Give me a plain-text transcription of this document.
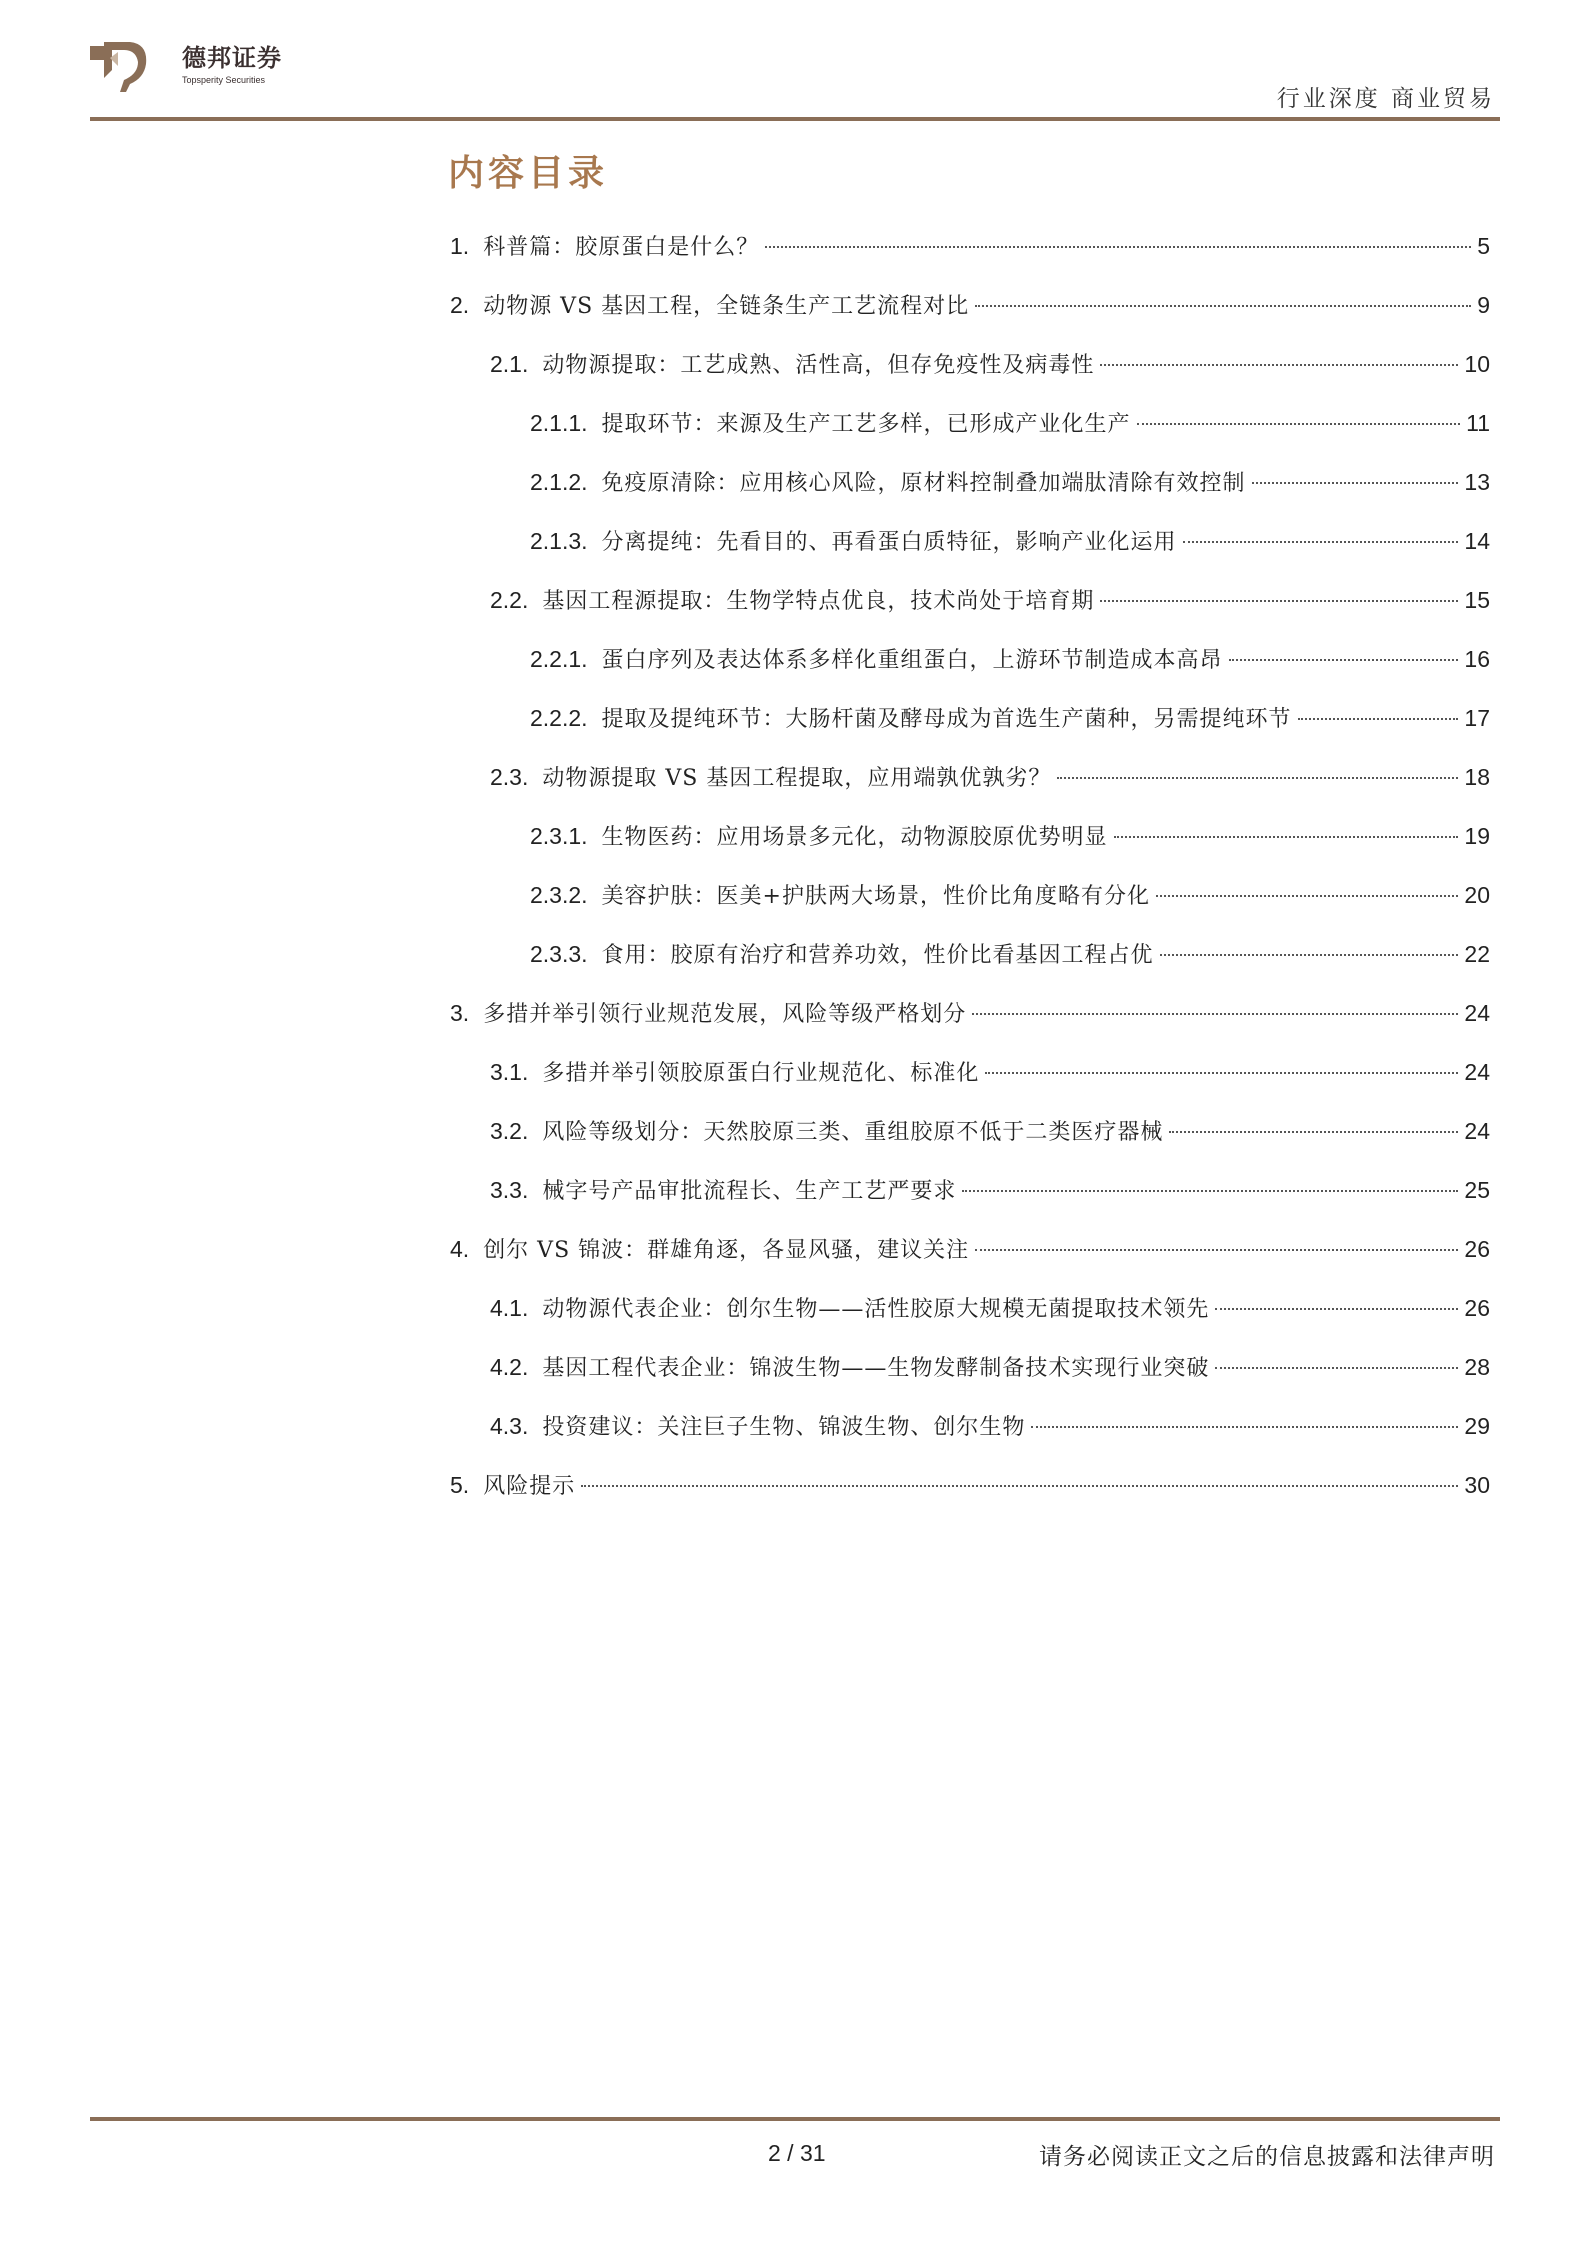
德邦证券
Topsperity Securities
行业深度 商业贸易
内容目录
1. 科普篇：胶原蛋白是什么？	5
2. 动物源 VS 基因工程，全链条生产工艺流程对比	9
2.1. 动物源提取：工艺成熟、活性高，但存免疫性及病毒性	10
2.1.1. 提取环节：来源及生产工艺多样，已形成产业化生产	11
2.1.2. 免疫原清除：应用核心风险，原材料控制叠加端肽清除有效控制	13
2.1.3. 分离提纯：先看目的、再看蛋白质特征，影响产业化运用	14
2.2. 基因工程源提取：生物学特点优良，技术尚处于培育期	15
2.2.1. 蛋白序列及表达体系多样化重组蛋白，上游环节制造成本高昂	16
2.2.2. 提取及提纯环节：大肠杆菌及酵母成为首选生产菌种，另需提纯环节	17
2.3. 动物源提取 VS 基因工程提取，应用端孰优孰劣？	18
2.3.1. 生物医药：应用场景多元化，动物源胶原优势明显	19
2.3.2. 美容护肤：医美+护肤两大场景，性价比角度略有分化	20
2.3.3. 食用：胶原有治疗和营养功效，性价比看基因工程占优	22
3. 多措并举引领行业规范发展，风险等级严格划分	24
3.1. 多措并举引领胶原蛋白行业规范化、标准化	24
3.2. 风险等级划分：天然胶原三类、重组胶原不低于二类医疗器械	24
3.3. 械字号产品审批流程长、生产工艺严要求	25
4. 创尔 VS 锦波：群雄角逐，各显风骚，建议关注	26
4.1. 动物源代表企业：创尔生物——活性胶原大规模无菌提取技术领先	26
4.2. 基因工程代表企业：锦波生物——生物发酵制备技术实现行业突破	28
4.3. 投资建议：关注巨子生物、锦波生物、创尔生物	29
5. 风险提示	30
2 / 31	请务必阅读正文之后的信息披露和法律声明
